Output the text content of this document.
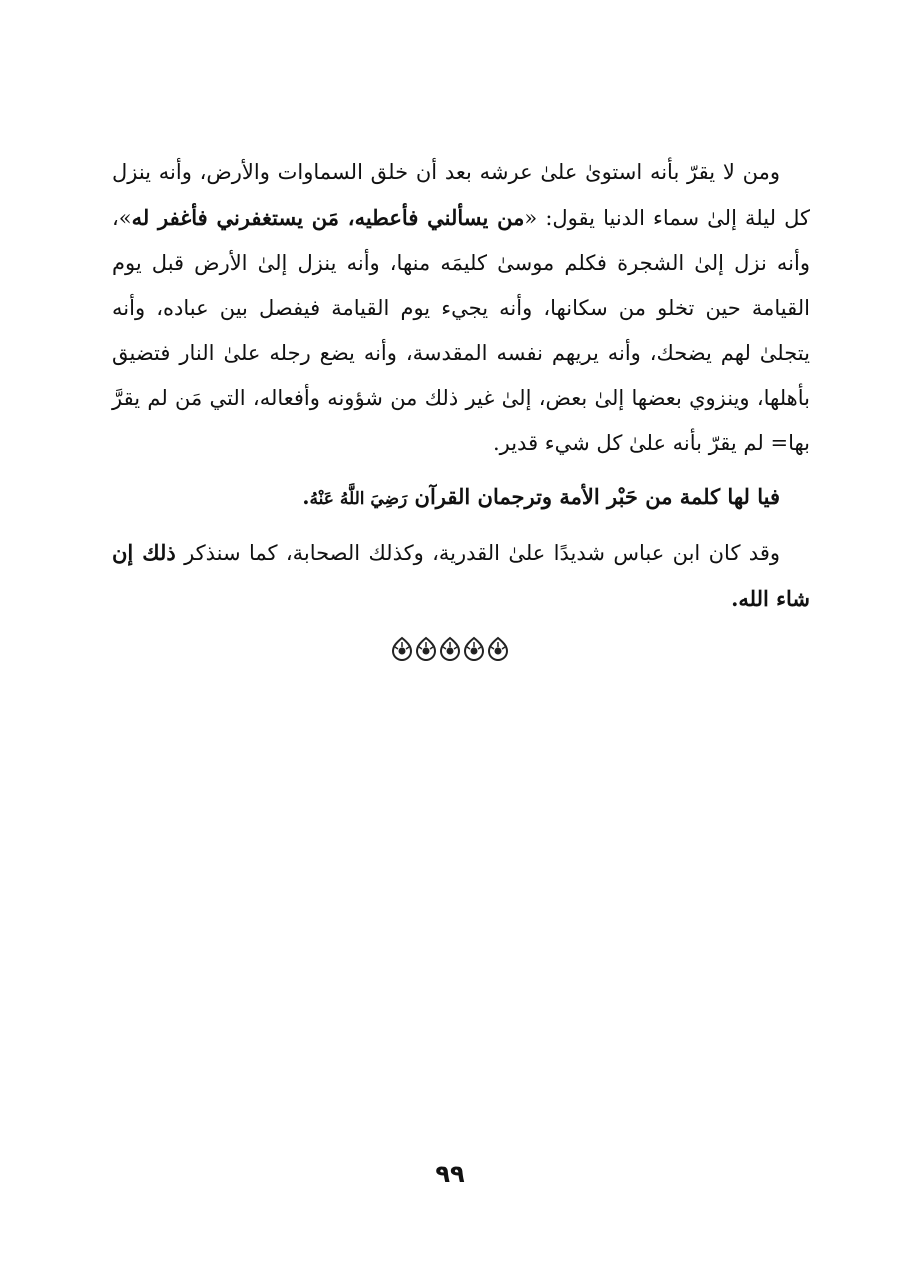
ومن لا يقرّ بأنه استوىٰ علىٰ عرشه بعد أن خلق السماوات والأرض، وأنه ينزل كل ليلة إلىٰ سماء الدنيا يقول: «من يسألني فأعطيه، مَن يستغفرني فأغفر له»، وأنه نزل إلىٰ الشجرة فكلم موسىٰ كليمَه منها، وأنه ينزل إلىٰ الأرض قبل يوم القيامة حين تخلو من سكانها، وأنه يجيء يوم القيامة فيفصل بين عباده، وأنه يتجلىٰ لهم يضحك، وأنه يريهم نفسه المقدسة، وأنه يضع رجله علىٰ النار فتضيق بأهلها، وينزوي بعضها إلىٰ بعض، إلىٰ غير ذلك من شؤونه وأفعاله، التي مَن لم يقرَّ بها= لم يقرّ بأنه علىٰ كل شيء قدير.

فيا لها كلمة من حَبْر الأمة وترجمان القرآن رَضِيَ اللَّهُ عَنْهُ.

وقد كان ابن عباس شديدًا علىٰ القدرية، وكذلك الصحابة، كما سنذكر ذلك إن شاء الله.

٩٩
